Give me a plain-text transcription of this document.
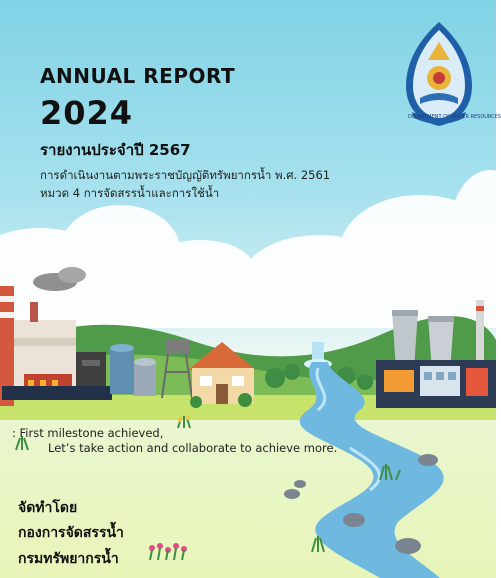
ANNUAL REPORT
2024
รายงานประจำปี 2567
การดำเนินงานตามพระราชบัญญัติทรัพยากรน้ำ พ.ศ. 2561
หมวด 4 การจัดสรรน้ำและการใช้น้ำ
DEPARTMENT OF WATER RESOURCES
: First milestone achieved,
Let’s take action and collaborate to achieve more.
จัดทำโดย
กองการจัดสรรน้ำ
กรมทรัพยากรน้ำ
